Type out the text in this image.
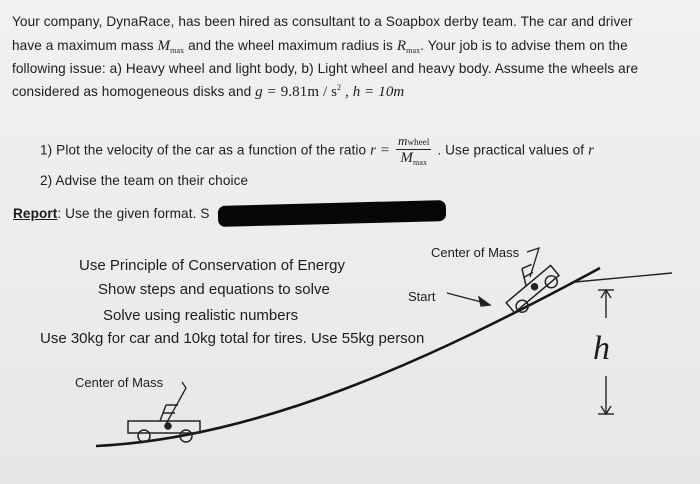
Your company, DynaRace, has been hired as consultant to a Soapbox derby team. The car and driver
have a maximum mass $M_{max}$ and the wheel maximum radius is $R_{max}$. Your job is to advise them on the
following issue: a) Heavy wheel and light body, b) Light wheel and heavy body. Assume the wheels are
considered as homogeneous disks and $g = 9.81m / s^2$ , h = 10m
1) Plot the velocity of the car as a function of the ratio $r = \frac{\text{mwheel}}{M_{max}}$ . Use practical values of r
2) Advise the team on their choice
Report: Use the given format. S
Use Principle of Conservation of Energy
Show steps and equations to solve
Solve using realistic numbers
Use 30kg for car and 10kg total for tires. Use 55kg person
Center of Mass
Start
Center of Mass
h
